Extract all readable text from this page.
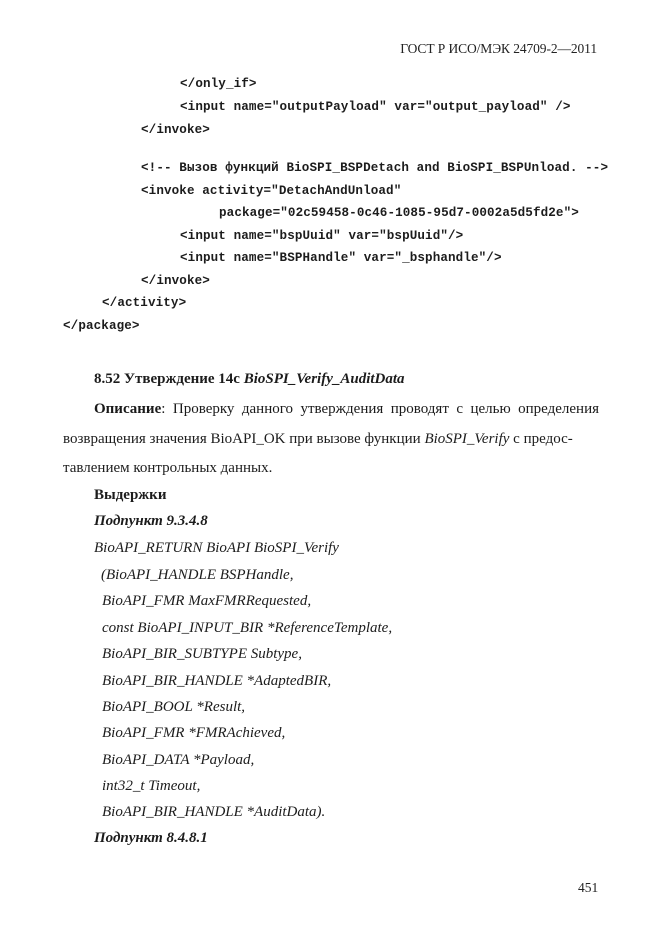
ГОСТ Р ИСО/МЭК 24709-2—2011
</only_if>
<input name="outputPayload" var="output_payload" />
</invoke>
<!-- Вызов функций BioSPI_BSPDetach and BioSPI_BSPUnload. -->
<invoke activity="DetachAndUnload"
package="02c59458-0c46-1085-95d7-0002a5d5fd2e">
<input name="bspUuid" var="bspUuid"/>
<input name="BSPHandle" var="_bsphandle"/>
</invoke>
</activity>
</package>
8.52 Утверждение 14с BioSPI_Verify_AuditData
Описание: Проверку данного утверждения проводят с целью определения
возвращения значения BioAPI_OK при вызове функции BioSPI_Verify с предос-
тавлением контрольных данных.
Выдержки
Подпункт 9.3.4.8
BioAPI_RETURN BioAPI BioSPI_Verify
(BioAPI_HANDLE BSPHandle,
BioAPI_FMR MaxFMRRequested,
const BioAPI_INPUT_BIR *ReferenceTemplate,
BioAPI_BIR_SUBTYPE Subtype,
BioAPI_BIR_HANDLE *AdaptedBIR,
BioAPI_BOOL *Result,
BioAPI_FMR *FMRAchieved,
BioAPI_DATA *Payload,
int32_t Timeout,
BioAPI_BIR_HANDLE *AuditData).
Подпункт 8.4.8.1
451
